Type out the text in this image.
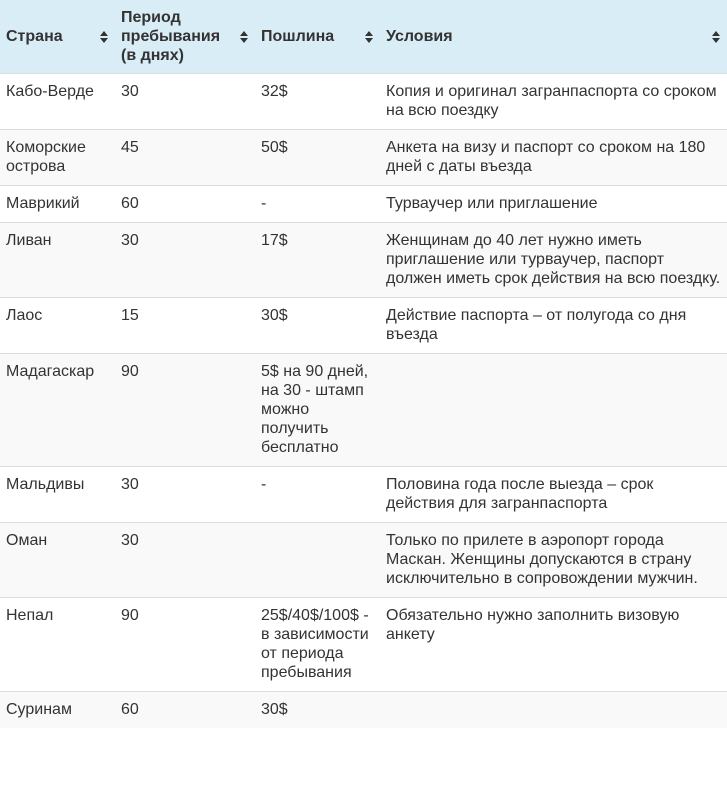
Страна	Период пребывания (в днях)	Пошлина	Условия

Кабо-Верде	30	32$	Копия и оригинал загранпаспорта со сроком на всю поездку
Коморские острова	45	50$	Анкета на визу и паспорт со сроком на 180 дней с даты въезда
Маврикий	60	-	Турваучер или приглашение
Ливан	30	17$	Женщинам до 40 лет нужно иметь приглашение или турваучер, паспорт должен иметь срок действия на всю поездку.
Лаос	15	30$	Действие паспорта – от полугода со дня въезда
Мадагаскар	90	5$ на 90 дней, на 30 - штамп можно получить бесплатно	
Мальдивы	30	-	Половина года после выезда – срок действия для загранпаспорта
Оман	30		Только по прилете в аэропорт города Маскан. Женщины допускаются в страну исключительно в сопровождении мужчин.
Непал	90	25$/40$/100$ - в зависимости от периода пребывания	Обязательно нужно заполнить визовую анкету
Суринам	60	30$	
